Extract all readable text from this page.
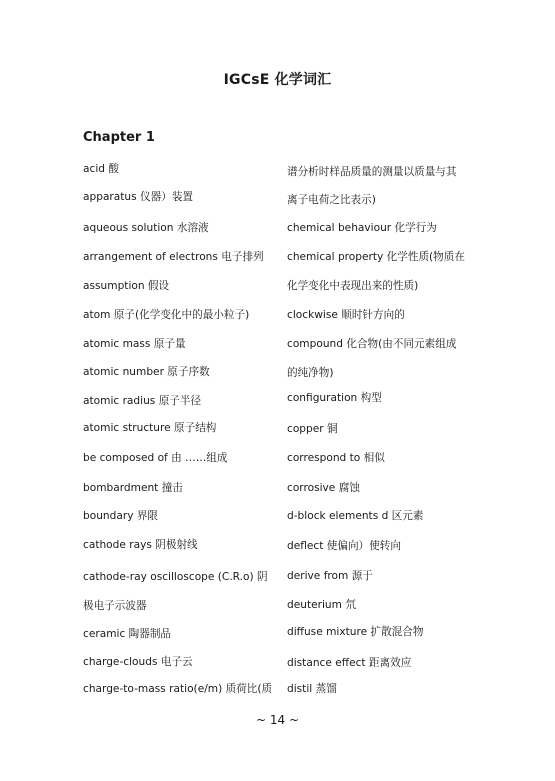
IGCsE 化学词汇
Chapter 1
acid 酸
apparatus 仪器）装置
aqueous solution 水溶液
arrangement of electrons 电子排列
assumption 假设
atom 原子(化学变化中的最小粒子)
atomic mass 原子量
atomic number 原子序数
atomic radius 原子半径
atomic structure 原子结构
be composed of 由 ……组成
bombardment 撞击
boundary 界限
cathode rays 阴极射线
cathode-ray oscilloscope (C.R.o) 阴
极电子示波器
ceramic 陶器制品
charge-clouds 电子云
charge-to-mass ratio(e/m) 质荷比(质
谱分析时样品质量的测量以质量与其
离子电荷之比表示)
chemical behaviour 化学行为
chemical property 化学性质(物质在
化学变化中表现出来的性质)
clockwise 顺时针方向的
compound 化合物(由不同元素组成
的纯净物)
configuration 构型
copper 铜
correspond to 相似
corrosive 腐蚀
d-block elements d 区元素
deflect 使偏向）使转向
derive from 源于
deuterium 氘
diffuse mixture 扩散混合物
distance effect 距离效应
distil 蒸馏
~ 14 ~
